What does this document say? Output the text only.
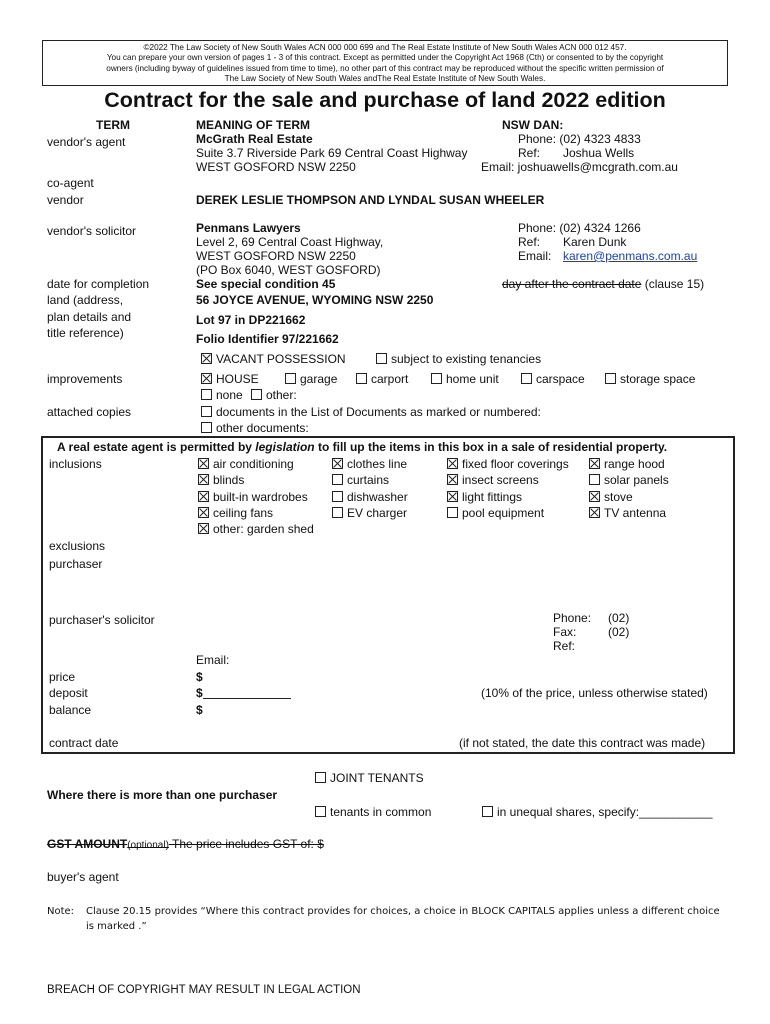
©2022 The Law Society of New South Wales ACN 000 000 699 and The Real Estate Institute of New South Wales ACN 000 012 457.
You can prepare your own version of pages 1 - 3 of this contract. Except as permitted under the Copyright Act 1968 (Cth) or consented to by the copyright
owners (including byway of guidelines issued from time to time), no other part of this contract may be reproduced without the specific written permission of
The Law Society of New South Wales andThe Real Estate Institute of New South Wales.
Contract for the sale and purchase of land 2022 edition
TERM	MEANING OF TERM	NSW DAN:
vendor's agent	McGrath Real Estate
Suite 3.7 Riverside Park 69 Central Coast Highway
WEST GOSFORD NSW 2250
Phone: (02) 4323 4833
Ref: Joshua Wells
Email: joshuawells@mcgrath.com.au
co-agent
vendor	DEREK LESLIE THOMPSON AND LYNDAL SUSAN WHEELER
vendor's solicitor	Penmans Lawyers
Level 2, 69 Central Coast Highway,
WEST GOSFORD NSW 2250
(PO Box 6040, WEST GOSFORD)
Phone: (02) 4324 1266
Ref: Karen Dunk
Email: karen@penmans.com.au
date for completion	See special condition 45	day after the contract date (clause 15)
land (address,
plan details and
title reference)
56 JOYCE AVENUE, WYOMING NSW 2250
Lot 97 in DP221662
Folio Identifier 97/221662
VACANT POSSESSION	subject to existing tenancies
improvements	HOUSE	garage	carport	home unit	carspace	storage space
none	other:
attached copies	documents in the List of Documents as marked or numbered:
other documents:
A real estate agent is permitted by legislation to fill up the items in this box in a sale of residential property.
inclusions	air conditioning	clothes line	fixed floor coverings	range hood
blinds	curtains	insect screens	solar panels
built-in wardrobes	dishwasher	light fittings	stove
ceiling fans	EV charger	pool equipment	TV antenna
other: garden shed
exclusions
purchaser
purchaser's solicitor	Phone: (02)
Fax:	(02)
Ref:
Email:
price	$
deposit	$	(10% of the price, unless otherwise stated)
balance	$
contract date	(if not stated, the date this contract was made)
JOINT TENANTS
Where there is more than one purchaser
tenants in common	in unequal shares, specify:___________
GST AMOUNT(optional) The price includes GST of: $
buyer's agent
Note: Clause 20.15 provides “Where this contract provides for choices, a choice in BLOCK CAPITALS applies unless a different choice
is marked .”
BREACH OF COPYRIGHT MAY RESULT IN LEGAL ACTION
